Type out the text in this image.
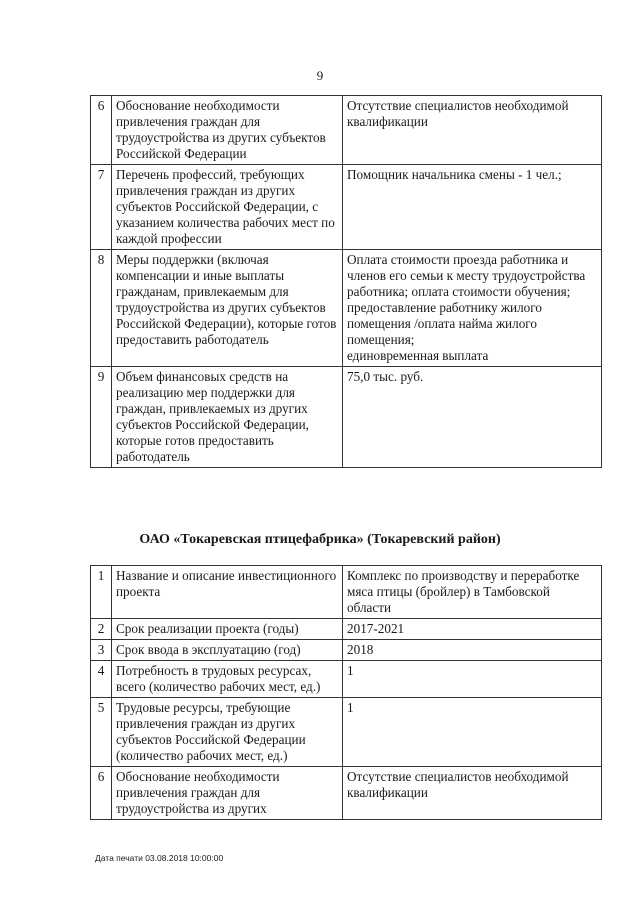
9
6	Обоснование необходимости привлечения граждан для трудоустройства из других субъектов Российской Федерации	Отсутствие специалистов необходимой квалификации
7	Перечень профессий, требующих привлечения граждан из других субъектов Российской Федерации, с указанием количества рабочих мест по каждой профессии	Помощник начальника смены - 1 чел.;
8	Меры поддержки (включая компенсации и иные выплаты гражданам, привлекаемым для трудоустройства из других субъектов Российской Федерации), которые готов предоставить работодатель	Оплата стоимости проезда работника и членов его семьи к месту трудоустройства работника; оплата стоимости обучения;
предоставление работнику жилого помещения /оплата найма жилого помещения;
единовременная выплата

9	Объем финансовых средств на реализацию мер поддержки для граждан, привлекаемых из других субъектов Российской Федерации, которые готов предоставить работодатель	75,0 тыс. руб.
ОАО «Токаревская птицефабрика» (Токаревский район)
1	Название и описание инвестиционного проекта	Комплекс по производству и переработке мяса птицы (бройлер) в Тамбовской области
2	Срок реализации проекта (годы)	2017-2021
3	Срок ввода в эксплуатацию (год)	2018
4	Потребность в трудовых ресурсах, всего (количество рабочих мест, ед.)	1
5	Трудовые ресурсы, требующие привлечения граждан из других субъектов Российской Федерации (количество рабочих мест, ед.)	1
6	Обоснование необходимости привлечения граждан для трудоустройства из других	Отсутствие специалистов необходимой квалификации
Дата печати 03.08.2018 10:00:00
